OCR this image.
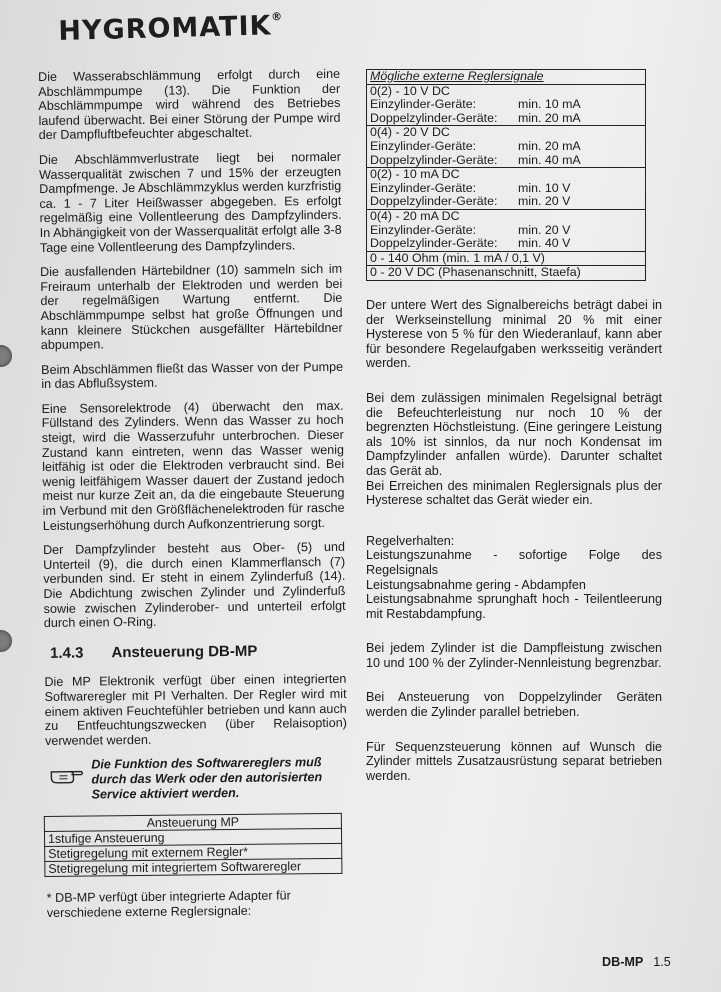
HYGROMATIK®

Die Wasserabschlämmung erfolgt durch eine Abschlämmpumpe (13). Die Funktion der Abschlämmpumpe wird während des Betriebes laufend überwacht. Bei einer Störung der Pumpe wird der Dampfluftbefeuchter abgeschaltet.

Die Abschlämmverlustrate liegt bei normaler Wasserqualität zwischen 7 und 15% der erzeugten Dampfmenge. Je Abschlämmzyklus werden kurzfristig ca. 1 - 7 Liter Heißwasser abgegeben. Es erfolgt regelmäßig eine Vollentleerung des Dampfzylinders. In Abhängigkeit von der Wasserqualität erfolgt alle 3-8 Tage eine Vollentleerung des Dampfzylinders.

Die ausfallenden Härtebildner (10) sammeln sich im Freiraum unterhalb der Elektroden und werden bei der regelmäßigen Wartung entfernt. Die Abschlämmpumpe selbst hat große Öffnungen und kann kleinere Stückchen ausgefällter Härtebildner abpumpen.

Beim Abschlämmen fließt das Wasser von der Pumpe in das Abflußsystem.

Eine Sensorelektrode (4) überwacht den max. Füllstand des Zylinders. Wenn das Wasser zu hoch steigt, wird die Wasserzufuhr unterbrochen. Dieser Zustand kann eintreten, wenn das Wasser wenig leitfähig ist oder die Elektroden verbraucht sind. Bei wenig leitfähigem Wasser dauert der Zustand jedoch meist nur kurze Zeit an, da die eingebaute Steuerung im Verbund mit den Größflächenelektroden für rasche Leistungserhöhung durch Aufkonzentrierung sorgt.

Der Dampfzylinder besteht aus Ober- (5) und Unterteil (9), die durch einen Klammerflansch (7) verbunden sind. Er steht in einem Zylinderfuß (14). Die Abdichtung zwischen Zylinder und Zylinderfuß sowie zwischen Zylinderober- und unterteil erfolgt durch einen O-Ring.

1.4.3 Ansteuerung DB-MP

Die MP Elektronik verfügt über einen integrierten Softwareregler mit PI Verhalten. Der Regler wird mit einem aktiven Feuchtefühler betrieben und kann auch zu Entfeuchtungszwecken (über Relaisoption) verwendet werden.

Die Funktion des Softwarereglers muß durch das Werk oder den autorisierten Service aktiviert werden.
Ansteuerung MP
1stufige Ansteuerung
Stetigregelung mit externem Regler*
Stetigregelung mit integriertem Softwareregler
* DB-MP verfügt über integrierte Adapter für verschiedene externe Reglersignale:
Mögliche externe Reglersignale
0(2) - 10 V DC
Einzylinder-Geräte:	min. 10 mA
Doppelzylinder-Geräte:	min. 20 mA
0(4) - 20 V DC
Einzylinder-Geräte:	min. 20 mA
Doppelzylinder-Geräte:	min. 40 mA
0(2) - 10 mA DC
Einzylinder-Geräte:	min. 10 V
Doppelzylinder-Geräte:	min. 20 V
0(4) - 20 mA DC
Einzylinder-Geräte:	min. 20 V
Doppelzylinder-Geräte:	min. 40 V
0 - 140 Ohm (min. 1 mA / 0,1 V)
0 - 20 V DC (Phasenanschnitt, Staefa)

Der untere Wert des Signalbereichs beträgt dabei in der Werkseinstellung minimal 20 % mit einer Hysterese von 5 % für den Wiederanlauf, kann aber für besondere Regelaufgaben werksseitig verändert werden.

Bei dem zulässigen minimalen Regelsignal beträgt die Befeuchterleistung nur noch 10 % der begrenzten Höchstleistung. (Eine geringere Leistung als 10% ist sinnlos, da nur noch Kondensat im Dampfzylinder anfallen würde). Darunter schaltet das Gerät ab.

Bei Erreichen des minimalen Reglersignals plus der Hysterese schaltet das Gerät wieder ein.

Regelverhalten:

Leistungszunahme - sofortige Folge des Regelsignals

Leistungsabnahme gering - Abdampfen

Leistungsabnahme sprunghaft hoch - Teilentleerung mit Restabdampfung.

Bei jedem Zylinder ist die Dampfleistung zwischen 10 und 100 % der Zylinder-Nennleistung begrenzbar.

Bei Ansteuerung von Doppelzylinder Geräten werden die Zylinder parallel betrieben.

Für Sequenzsteuerung können auf Wunsch die Zylinder mittels Zusatzausrüstung separat betrieben werden.

DB-MP 1.5
